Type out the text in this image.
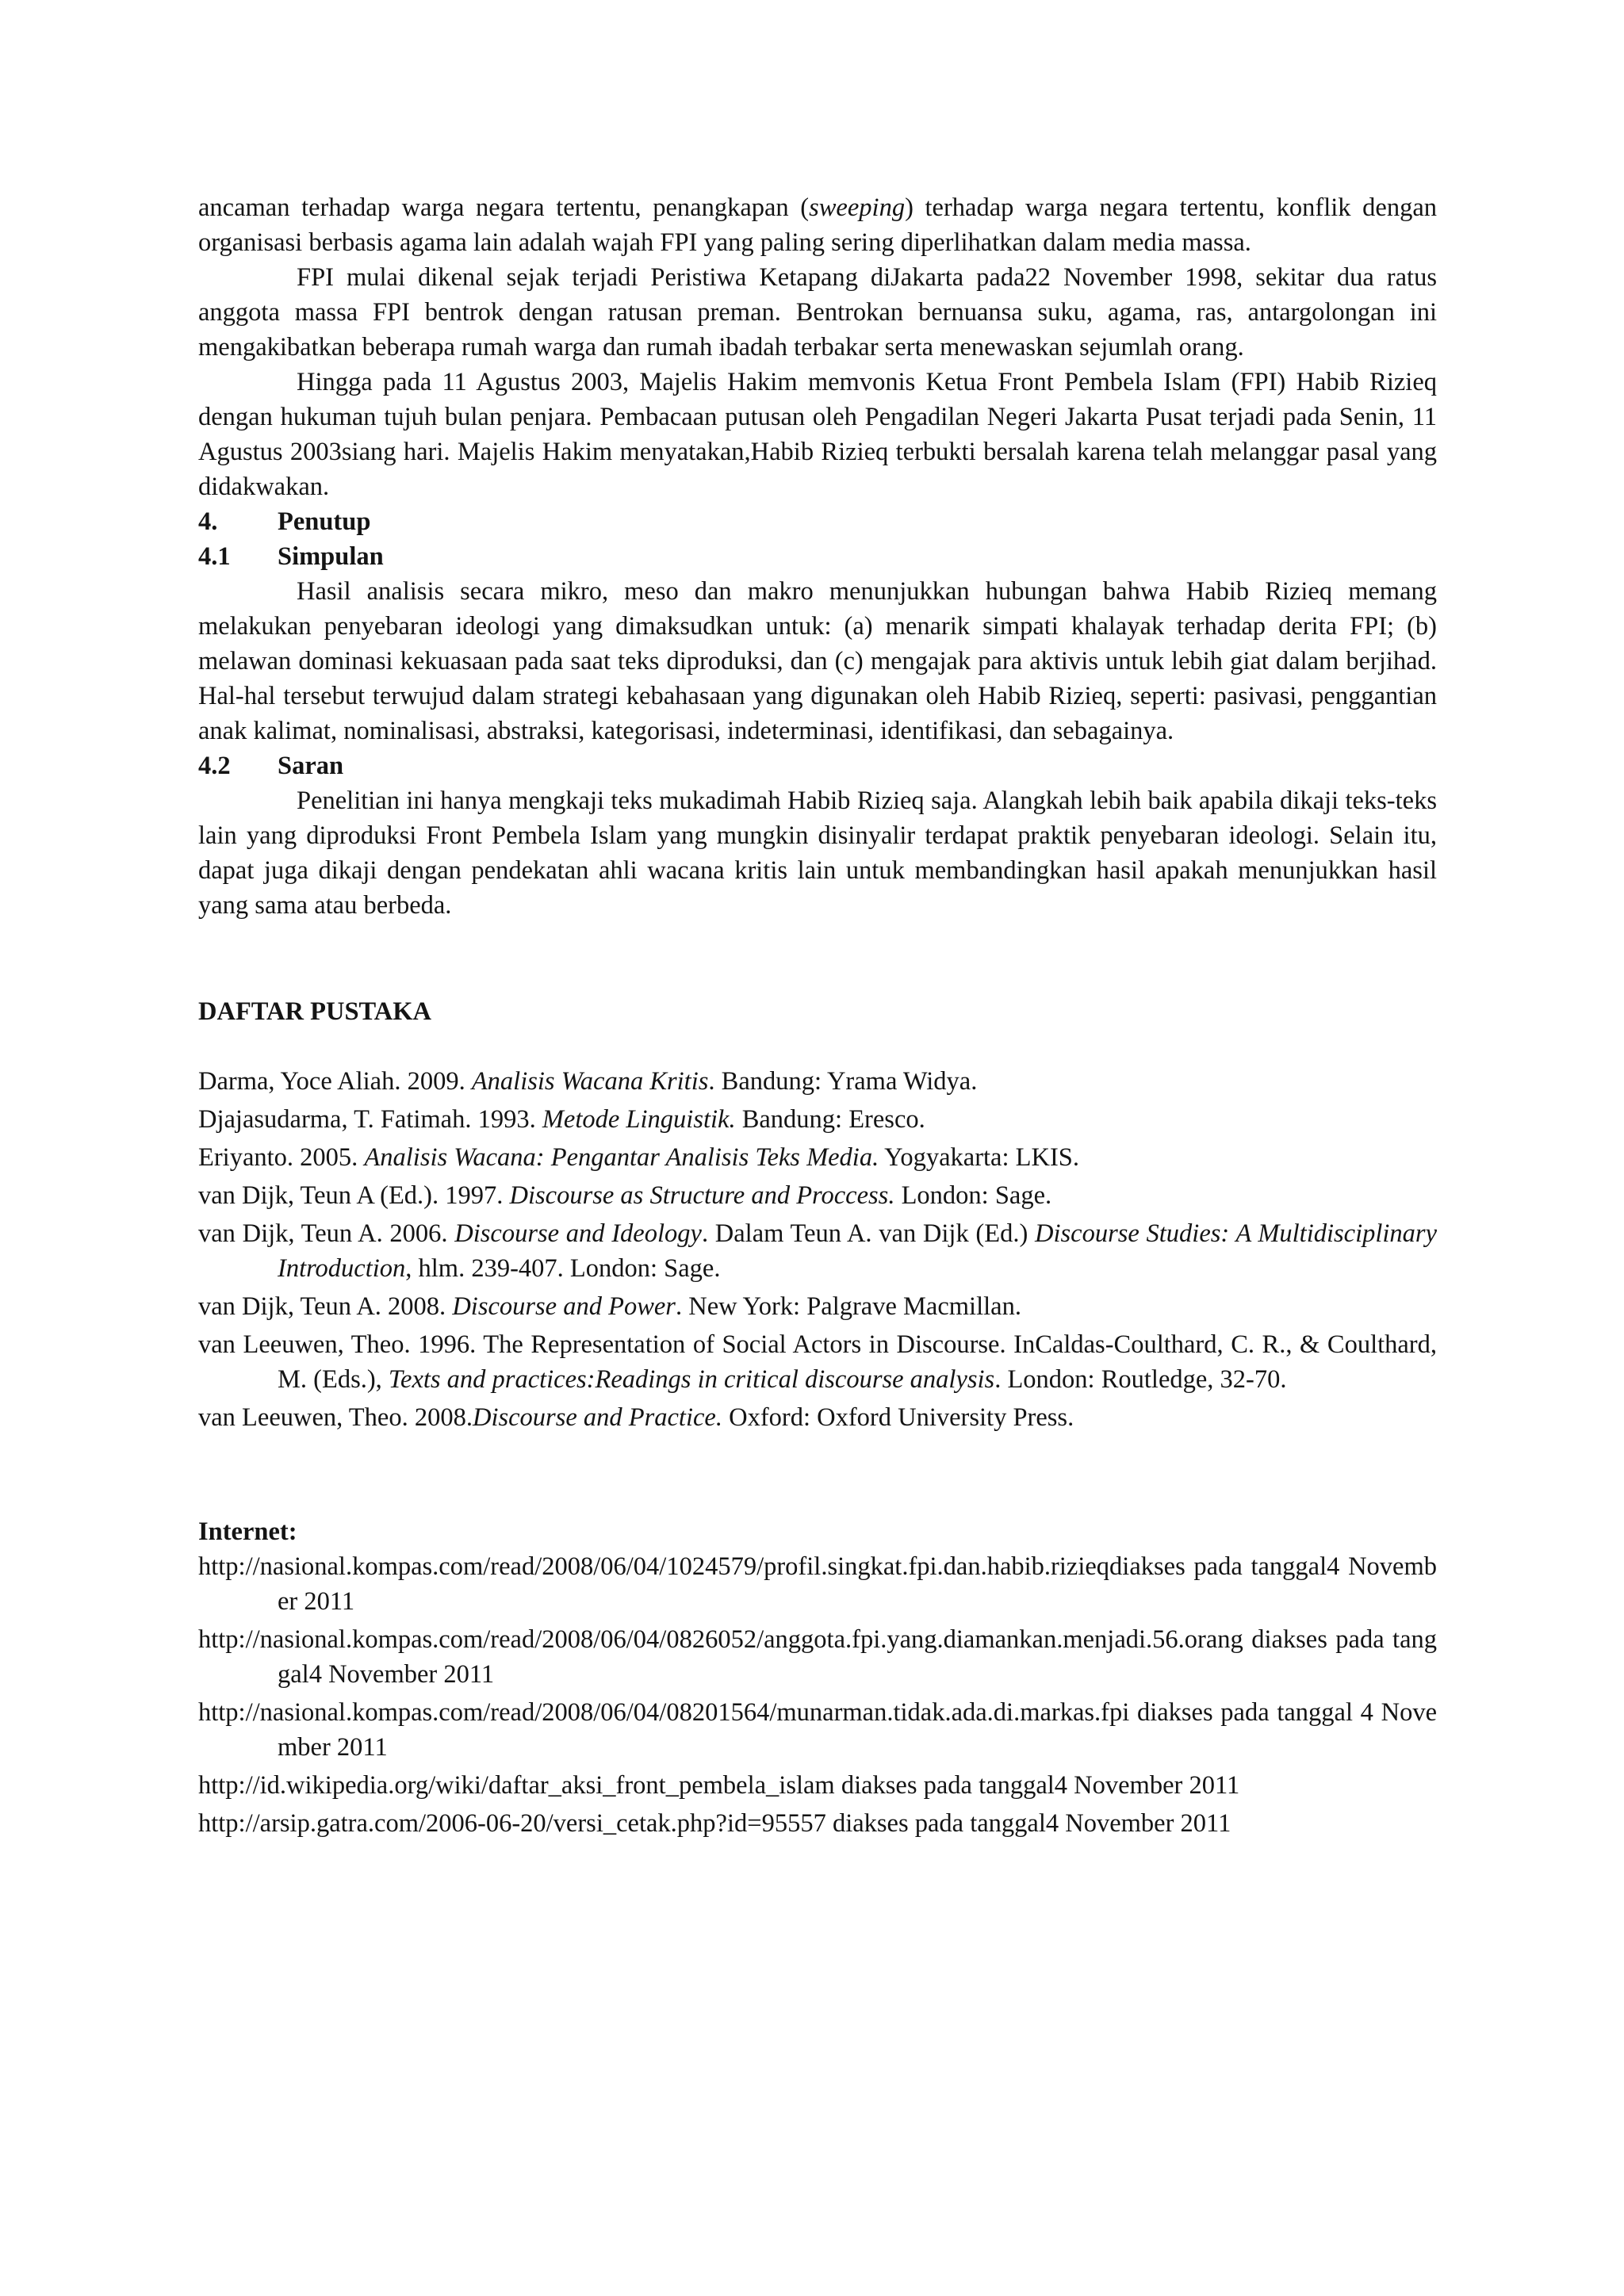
ancaman terhadap warga negara tertentu, penangkapan (sweeping) terhadap warga negara tertentu, konflik dengan organisasi berbasis agama lain adalah wajah FPI yang paling sering diperlihatkan dalam media massa.

FPI mulai dikenal sejak terjadi Peristiwa Ketapang diJakarta pada22 November 1998, sekitar dua ratus anggota massa FPI bentrok dengan ratusan preman. Bentrokan bernuansa suku, agama, ras, antargolongan ini mengakibatkan beberapa rumah warga dan rumah ibadah terbakar serta menewaskan sejumlah orang.

Hingga pada 11 Agustus 2003, Majelis Hakim memvonis Ketua Front Pembela Islam (FPI) Habib Rizieq dengan hukuman tujuh bulan penjara. Pembacaan putusan oleh Pengadilan Negeri Jakarta Pusat terjadi pada Senin, 11 Agustus 2003siang hari. Majelis Hakim menyatakan,Habib Rizieq terbukti bersalah karena telah melanggar pasal yang didakwakan.

4.	Penutup
4.1	Simpulan

Hasil analisis secara mikro, meso dan makro menunjukkan hubungan bahwa Habib Rizieq memang melakukan penyebaran ideologi yang dimaksudkan untuk: (a) menarik simpati khalayak terhadap derita FPI; (b) melawan dominasi kekuasaan pada saat teks diproduksi, dan (c) mengajak para aktivis untuk lebih giat dalam berjihad. Hal-hal tersebut terwujud dalam strategi kebahasaan yang digunakan oleh Habib Rizieq, seperti: pasivasi, penggantian anak kalimat, nominalisasi, abstraksi, kategorisasi, indeterminasi, identifikasi, dan sebagainya.

4.2	Saran

Penelitian ini hanya mengkaji teks mukadimah Habib Rizieq saja. Alangkah lebih baik apabila dikaji teks-teks lain yang diproduksi Front Pembela Islam yang mungkin disinyalir terdapat praktik penyebaran ideologi. Selain itu, dapat juga dikaji dengan pendekatan ahli wacana kritis lain untuk membandingkan hasil apakah menunjukkan hasil yang sama atau berbeda.

DAFTAR PUSTAKA

Darma, Yoce Aliah. 2009. Analisis Wacana Kritis. Bandung: Yrama Widya.

Djajasudarma, T. Fatimah. 1993. Metode Linguistik. Bandung: Eresco.

Eriyanto. 2005. Analisis Wacana: Pengantar Analisis Teks Media. Yogyakarta: LKIS.

van Dijk, Teun A (Ed.). 1997. Discourse as Structure and Proccess. London: Sage.

van Dijk, Teun A. 2006. Discourse and Ideology. Dalam Teun A. van Dijk (Ed.) Discourse Studies: A Multidisciplinary Introduction, hlm. 239-407. London: Sage.

van Dijk, Teun A. 2008. Discourse and Power. New York: Palgrave Macmillan.

van Leeuwen, Theo. 1996. The Representation of Social Actors in Discourse. InCaldas-Coulthard, C. R., & Coulthard, M. (Eds.), Texts and practices:Readings in critical discourse analysis. London: Routledge, 32-70.

van Leeuwen, Theo. 2008.Discourse and Practice. Oxford: Oxford University Press.

Internet:

http://nasional.kompas.com/read/2008/06/04/1024579/profil.singkat.fpi.dan.habib.rizieqdiakses pada tanggal4 November 2011

http://nasional.kompas.com/read/2008/06/04/0826052/anggota.fpi.yang.diamankan.menjadi.56.orang diakses pada tanggal4 November 2011

http://nasional.kompas.com/read/2008/06/04/08201564/munarman.tidak.ada.di.markas.fpi diakses pada tanggal 4 November 2011

http://id.wikipedia.org/wiki/daftar_aksi_front_pembela_islam diakses pada tanggal4 November 2011

http://arsip.gatra.com/2006-06-20/versi_cetak.php?id=95557 diakses pada tanggal4 November 2011
